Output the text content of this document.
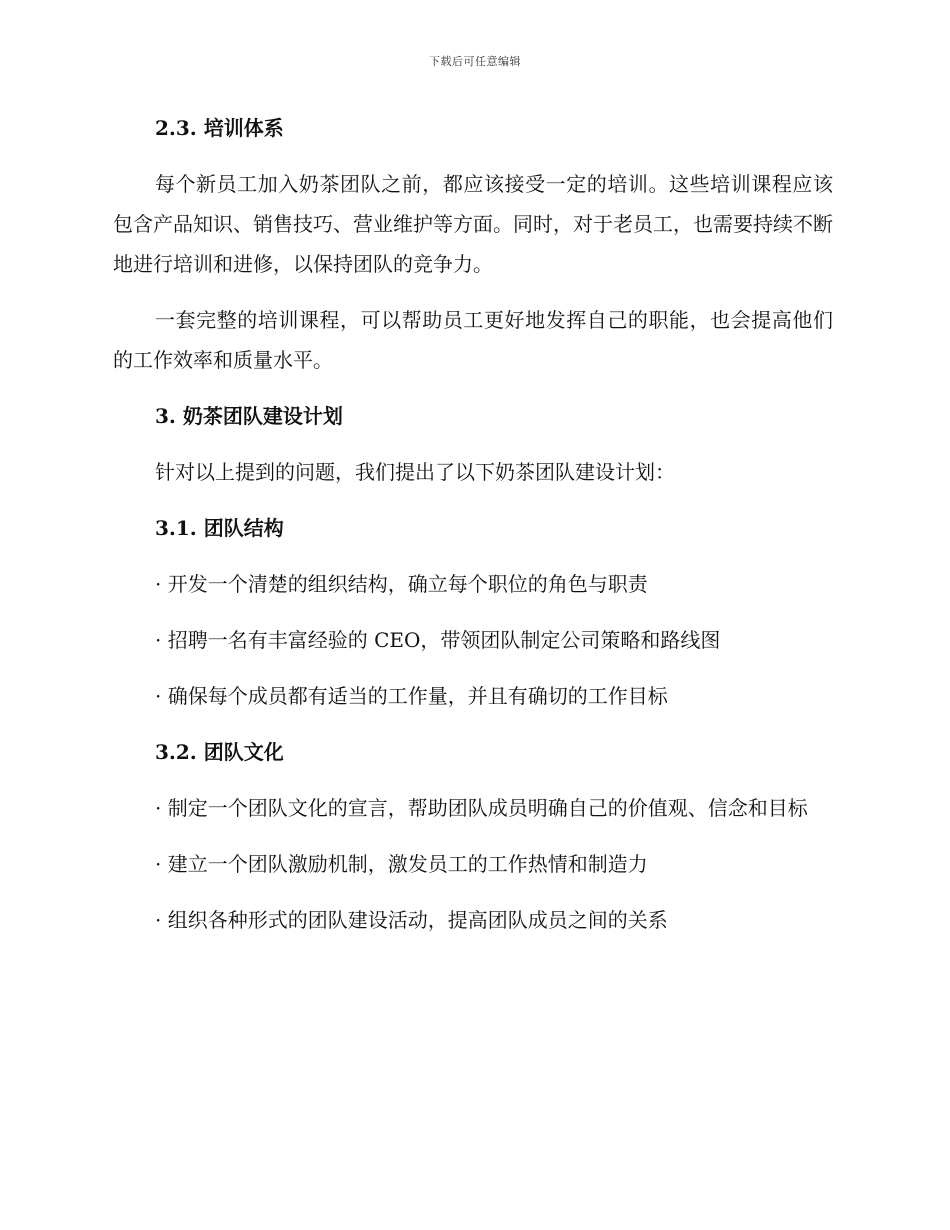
下载后可任意编辑
2.3. 培训体系
每个新员工加入奶茶团队之前，都应该接受一定的培训。这些培训课程应该包含产品知识、销售技巧、营业维护等方面。同时，对于老员工，也需要持续不断地进行培训和进修，以保持团队的竞争力。
一套完整的培训课程，可以帮助员工更好地发挥自己的职能，也会提高他们的工作效率和质量水平。
3. 奶茶团队建设计划
针对以上提到的问题，我们提出了以下奶茶团队建设计划：
3.1. 团队结构
· 开发一个清楚的组织结构，确立每个职位的角色与职责
· 招聘一名有丰富经验的 CEO，带领团队制定公司策略和路线图
· 确保每个成员都有适当的工作量，并且有确切的工作目标
3.2. 团队文化
· 制定一个团队文化的宣言，帮助团队成员明确自己的价值观、信念和目标
· 建立一个团队激励机制，激发员工的工作热情和制造力
· 组织各种形式的团队建设活动，提高团队成员之间的关系
